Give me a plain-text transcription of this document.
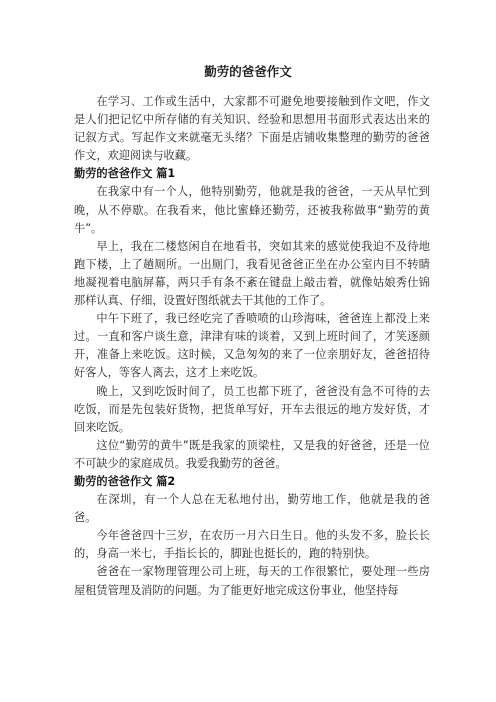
勤劳的爸爸作文

在学习、工作或生活中，大家都不可避免地要接触到作文吧，作文是人们把记忆中所存储的有关知识、经验和思想用书面形式表达出来的记叙方式。写起作文来就毫无头绪？下面是店铺收集整理的勤劳的爸爸作文，欢迎阅读与收藏。

勤劳的爸爸作文 篇1

在我家中有一个人，他特别勤劳，他就是我的爸爸，一天从早忙到晚，从不停歇。在我看来，他比蜜蜂还勤劳，还被我称做事“勤劳的黄牛”。

早上，我在二楼悠闲自在地看书，突如其来的感觉使我迫不及待地跑下楼，上了趟厕所。一出厕门，我看见爸爸正坐在办公室内目不转睛地凝视着电脑屏幕，两只手有条不紊在键盘上敲击着，就像姑娘秀仕锦那样认真、仔细，设置好图纸就去干其他的工作了。

中午下班了，我已经吃完了香喷喷的山珍海味，爸爸连上都没上来过。一直和客户谈生意，津津有味的谈着，又到上班时间了，才笑逐颜开，准备上来吃饭。这时候，又急匆匆的来了一位亲朋好友，爸爸招待好客人，等客人离去，这才上来吃饭。

晚上，又到吃饭时间了，员工也都下班了，爸爸没有急不可待的去吃饭，而是先包装好货物，把货单写好，开车去很远的地方发好货，才回来吃饭。

这位“勤劳的黄牛”既是我家的顶梁柱，又是我的好爸爸，还是一位不可缺少的家庭成员。我爱我勤劳的爸爸。

勤劳的爸爸作文 篇2

在深圳，有一个人总在无私地付出，勤劳地工作，他就是我的爸爸。

今年爸爸四十三岁，在农历一月六日生日。他的头发不多，脸长长的，身高一米七，手指长长的，脚趾也挺长的，跑的特别快。

爸爸在一家物理管理公司上班，每天的工作很繁忙，要处理一些房屋租赁管理及消防的问题。为了能更好地完成这份事业，他坚持每
